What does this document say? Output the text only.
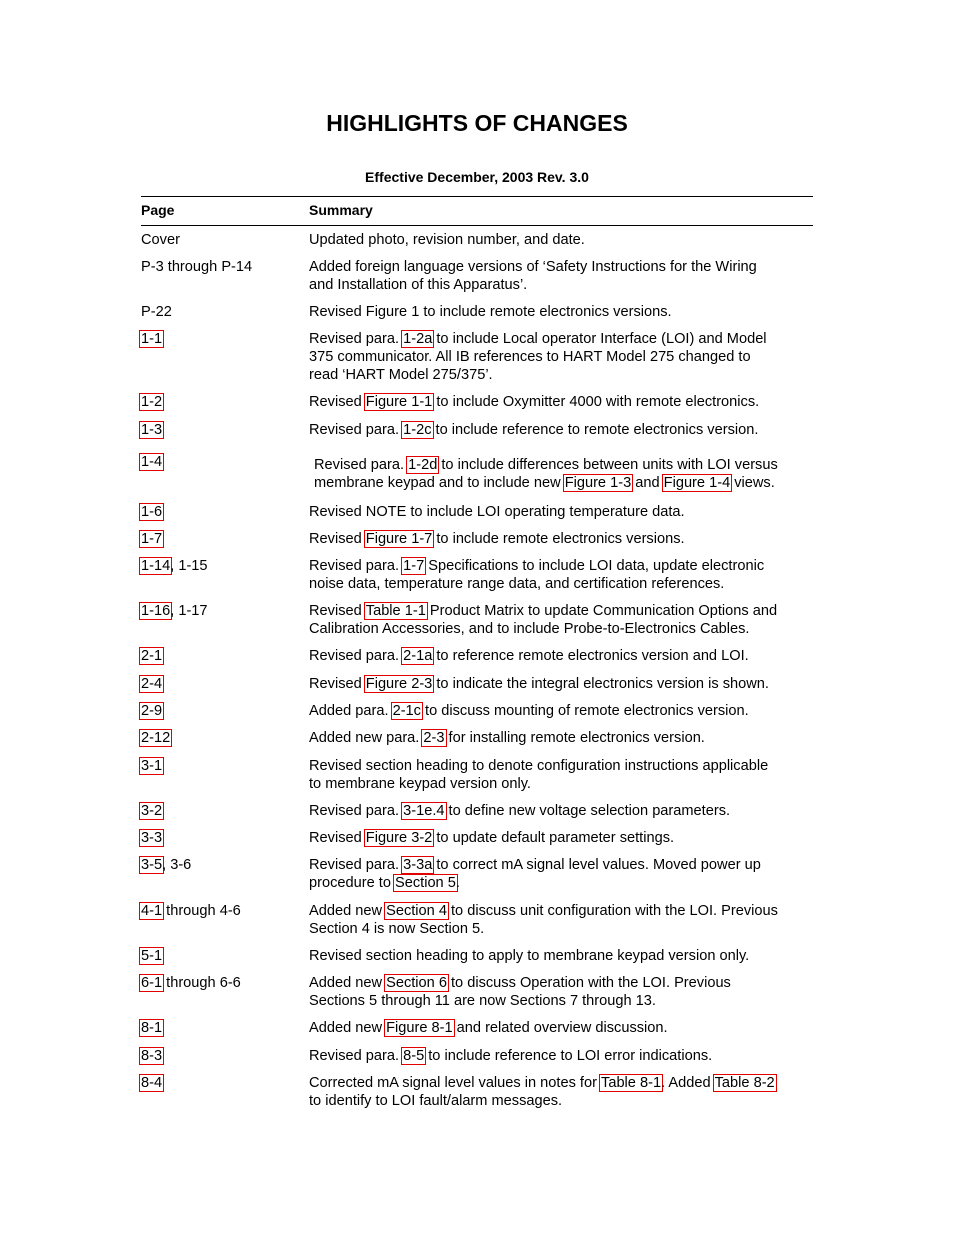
HIGHLIGHTS OF CHANGES
Effective December, 2003 Rev. 3.0
Page	Summary
Cover	Updated photo, revision number, and date.
P-3 through P-14	Added foreign language versions of ‘Safety Instructions for the Wiring
and Installation of this Apparatus’.
P-22	Revised Figure 1 to include remote electronics versions.
1-1	Revised para. 1-2a to include Local operator Interface (LOI) and Model
375 communicator. All IB references to HART Model 275 changed to
read ‘HART Model 275/375’.
1-2	Revised Figure 1-1 to include Oxymitter 4000 with remote electronics.
1-3	Revised para. 1-2c to include reference to remote electronics version.
1-4	Revised para. 1-2d to include differences between units with LOI versus
membrane keypad and to include new Figure 1-3 and Figure 1-4 views.
1-6	Revised NOTE to include LOI operating temperature data.
1-7	Revised Figure 1-7 to include remote electronics versions.
1-14, 1-15	Revised para. 1-7 Specifications to include LOI data, update electronic
noise data, temperature range data, and certification references.
1-16, 1-17	Revised Table 1-1 Product Matrix to update Communication Options and
Calibration Accessories, and to include Probe-to-Electronics Cables.
2-1	Revised para. 2-1a to reference remote electronics version and LOI.
2-4	Revised Figure 2-3 to indicate the integral electronics version is shown.
2-9	Added para. 2-1c to discuss mounting of remote electronics version.
2-12	Added new para. 2-3 for installing remote electronics version.
3-1	Revised section heading to denote configuration instructions applicable
to membrane keypad version only.
3-2	Revised para. 3-1e.4 to define new voltage selection parameters.
3-3	Revised Figure 3-2 to update default parameter settings.
3-5, 3-6	Revised para. 3-3a to correct mA signal level values. Moved power up
procedure to Section 5.
4-1 through 4-6	Added new Section 4 to discuss unit configuration with the LOI. Previous
Section 4 is now Section 5.
5-1	Revised section heading to apply to membrane keypad version only.
6-1 through 6-6	Added new Section 6 to discuss Operation with the LOI. Previous
Sections 5 through 11 are now Sections 7 through 13.
8-1	Added new Figure 8-1 and related overview discussion.
8-3	Revised para. 8-5 to include reference to LOI error indications.
8-4	Corrected mA signal level values in notes for Table 8-1. Added Table 8-2
to identify to LOI fault/alarm messages.
